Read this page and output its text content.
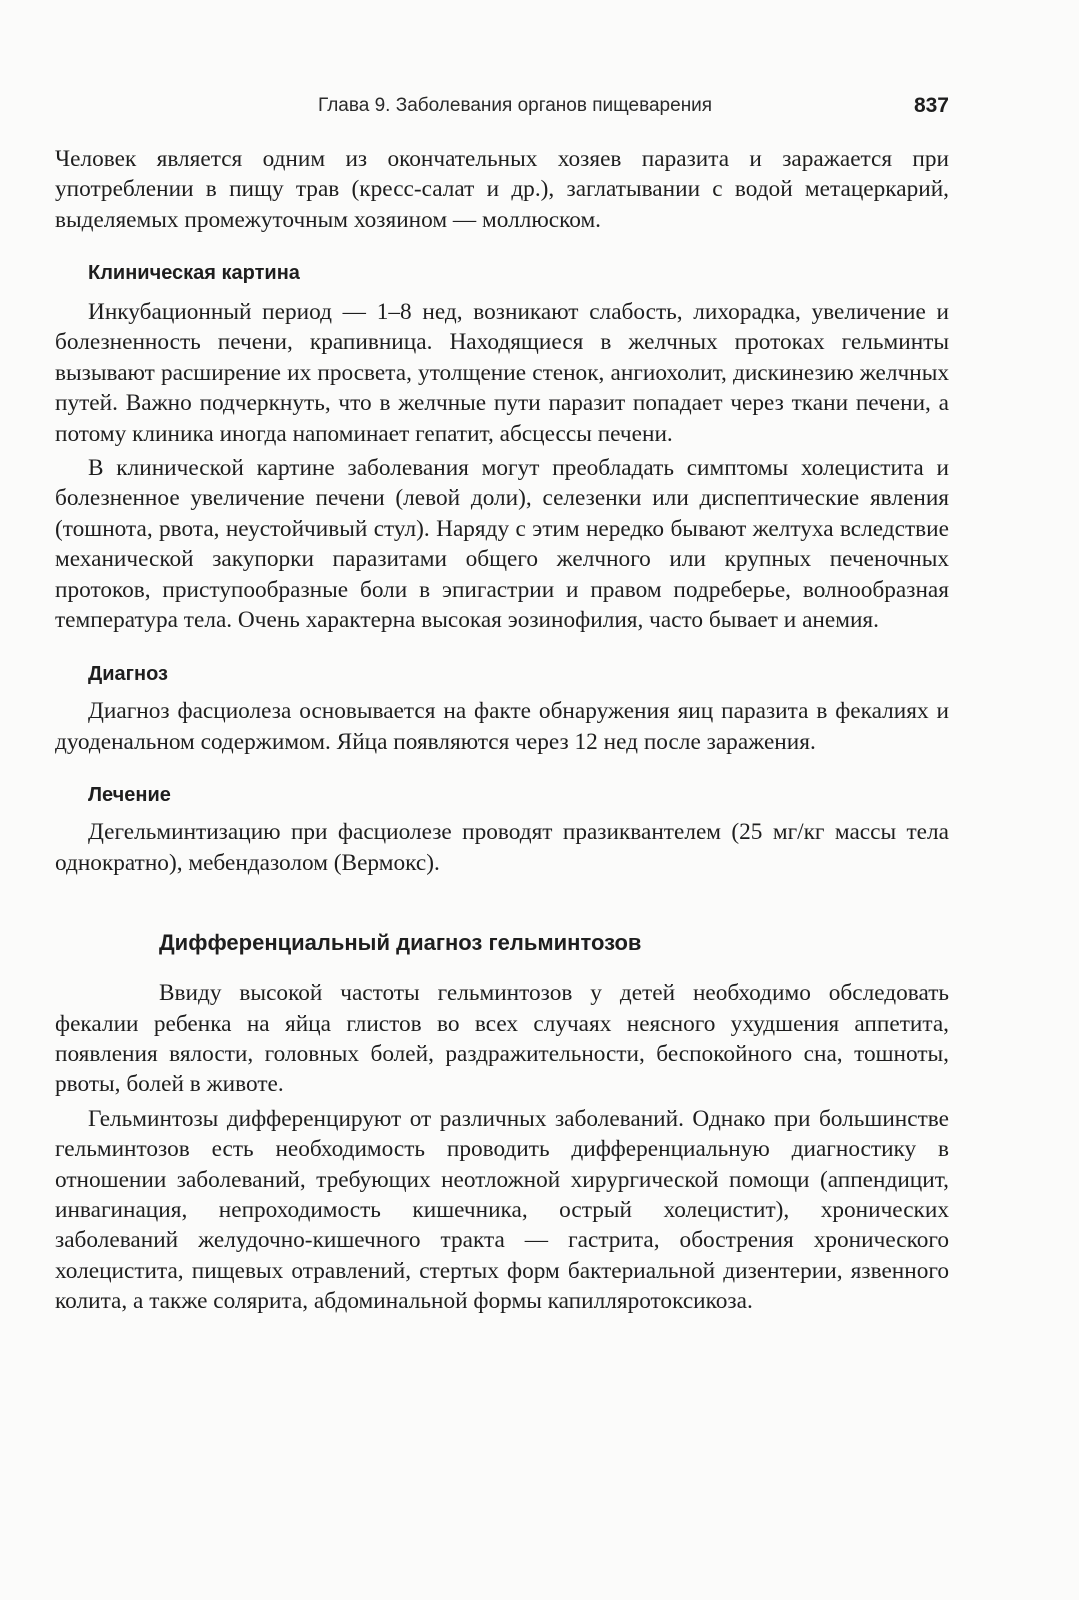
Глава 9. Заболевания органов пищеварения	837

Человек является одним из окончательных хозяев паразита и заражается при употреблении в пищу трав (кресс-салат и др.), заглатывании с водой метацеркарий, выделяемых промежуточным хозяином — моллюском.

Клиническая картина

Инкубационный период — 1–8 нед, возникают слабость, лихорадка, увеличение и болезненность печени, крапивница. Находящиеся в желчных протоках гельминты вызывают расширение их просвета, утолщение стенок, ангиохолит, дискинезию желчных путей. Важно подчеркнуть, что в желчные пути паразит попадает через ткани печени, а потому клиника иногда напоминает гепатит, абсцессы печени.

В клинической картине заболевания могут преобладать симптомы холецистита и болезненное увеличение печени (левой доли), селезенки или диспептические явления (тошнота, рвота, неустойчивый стул). Наряду с этим нередко бывают желтуха вследствие механической закупорки паразитами общего желчного или крупных печеночных протоков, приступообразные боли в эпигастрии и правом подреберье, волнообразная температура тела. Очень характерна высокая эозинофилия, часто бывает и анемия.

Диагноз

Диагноз фасциолеза основывается на факте обнаружения яиц паразита в фекалиях и дуоденальном содержимом. Яйца появляются через 12 нед после заражения.

Лечение

Дегельминтизацию при фасциолезе проводят празиквантелем (25 мг/кг массы тела однократно), мебендазолом (Вермокс).

Дифференциальный диагноз гельминтозов

Ввиду высокой частоты гельминтозов у детей необходимо обследовать фекалии ребенка на яйца глистов во всех случаях неясного ухудшения аппетита, появления вялости, головных болей, раздражительности, беспокойного сна, тошноты, рвоты, болей в животе.

Гельминтозы дифференцируют от различных заболеваний. Однако при большинстве гельминтозов есть необходимость проводить дифференциальную диагностику в отношении заболеваний, требующих неотложной хирургической помощи (аппендицит, инвагинация, непроходимость кишечника, острый холецистит), хронических заболеваний желудочно-кишечного тракта — гастрита, обострения хронического холецистита, пищевых отравлений, стертых форм бактериальной дизентерии, язвенного колита, а также солярита, абдоминальной формы капилляротоксикоза.
